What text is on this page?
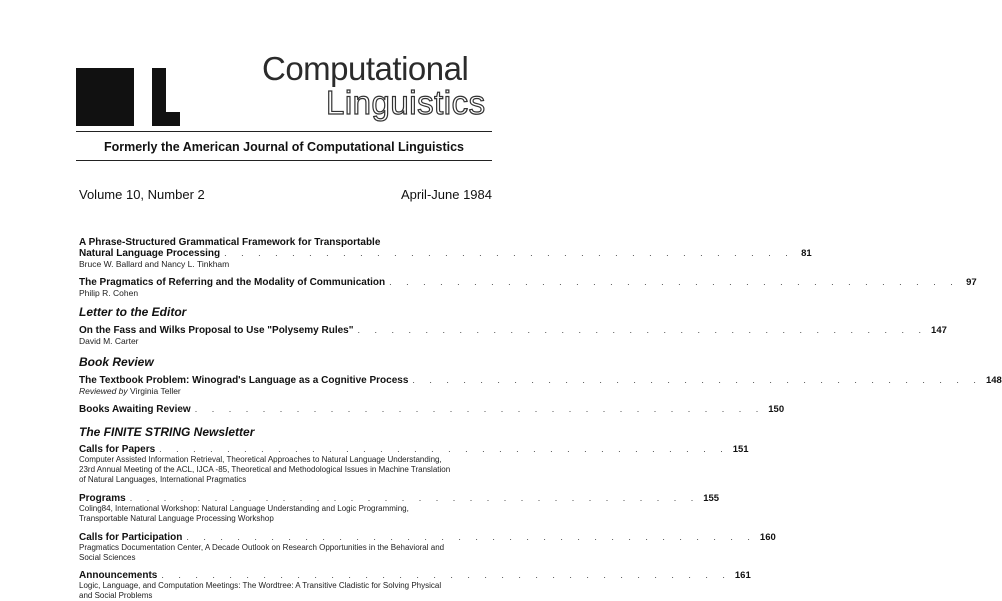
Computational
Linguistics
Formerly the American Journal of Computational Linguistics
Volume 10, Number 2	April-June 1984
A Phrase-Structured Grammatical Framework for Transportable
Natural Language Processing . . . . . . . . . . . . . . . . . . . . . . . . . . . . . . . . . . 81
Bruce W. Ballard and Nancy L. Tinkham
The Pragmatics of Referring and the Modality of Communication . . . . . . . . . . . . . . . . . . . . . . . . . . . . . . . . . . 97
Philip R. Cohen
Letter to the Editor
On the Fass and Wilks Proposal to Use "Polysemy Rules" . . . . . . . . . . . . . . . . . . . . . . . . . . . . . . . . . . 147
David M. Carter
Book Review
The Textbook Problem: Winograd's Language as a Cognitive Process . . . . . . . . . . . . . . . . . . . . . . . . . . . . . . . . . . 148
Reviewed by Virginia Teller
Books Awaiting Review . . . . . . . . . . . . . . . . . . . . . . . . . . . . . . . . . . 150
The FINITE STRING Newsletter
Calls for Papers . . . . . . . . . . . . . . . . . . . . . . . . . . . . . . . . . . 151
Computer Assisted Information Retrieval, Theoretical Approaches to Natural Language Understanding, 23rd Annual Meeting of the ACL, IJCA -85, Theoretical and Methodological Issues in Machine Translation of Natural Languages, International Pragmatics
Programs . . . . . . . . . . . . . . . . . . . . . . . . . . . . . . . . . . 155
Coling84, International Workshop: Natural Language Understanding and Logic Programming, Transportable Natural Language Processing Workshop
Calls for Participation . . . . . . . . . . . . . . . . . . . . . . . . . . . . . . . . . . 160
Pragmatics Documentation Center, A Decade Outlook on Research Opportunities in the Behavioral and Social Sciences
Announcements . . . . . . . . . . . . . . . . . . . . . . . . . . . . . . . . . . 161
Logic, Language, and Computation Meetings: The Wordtree: A Transitive Cladistic for Solving Physical and Social Problems
